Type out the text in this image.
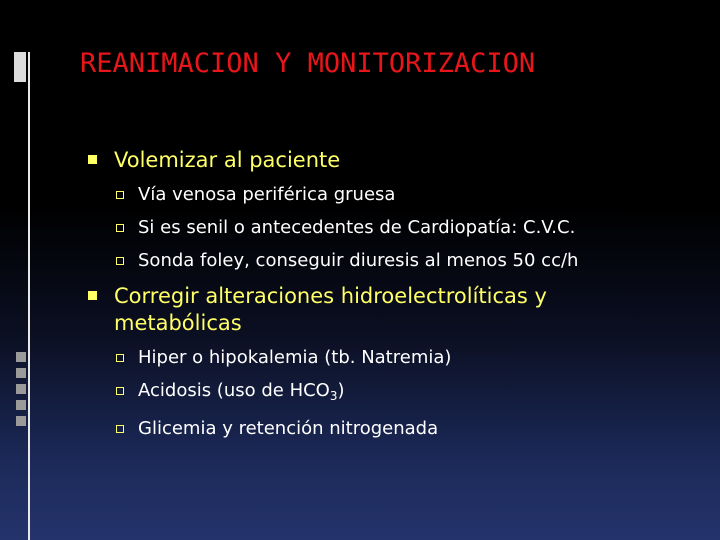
REANIMACION Y MONITORIZACION
Volemizar al paciente
Vía venosa periférica gruesa
Si es senil o antecedentes de Cardiopatía: C.V.C.
Sonda foley, conseguir diuresis al menos 50 cc/h
Corregir alteraciones hidroelectrolíticas y metabólicas
Hiper o hipokalemia (tb. Natremia)
Acidosis (uso de $HCO_3$)
Glicemia y retención nitrogenada
